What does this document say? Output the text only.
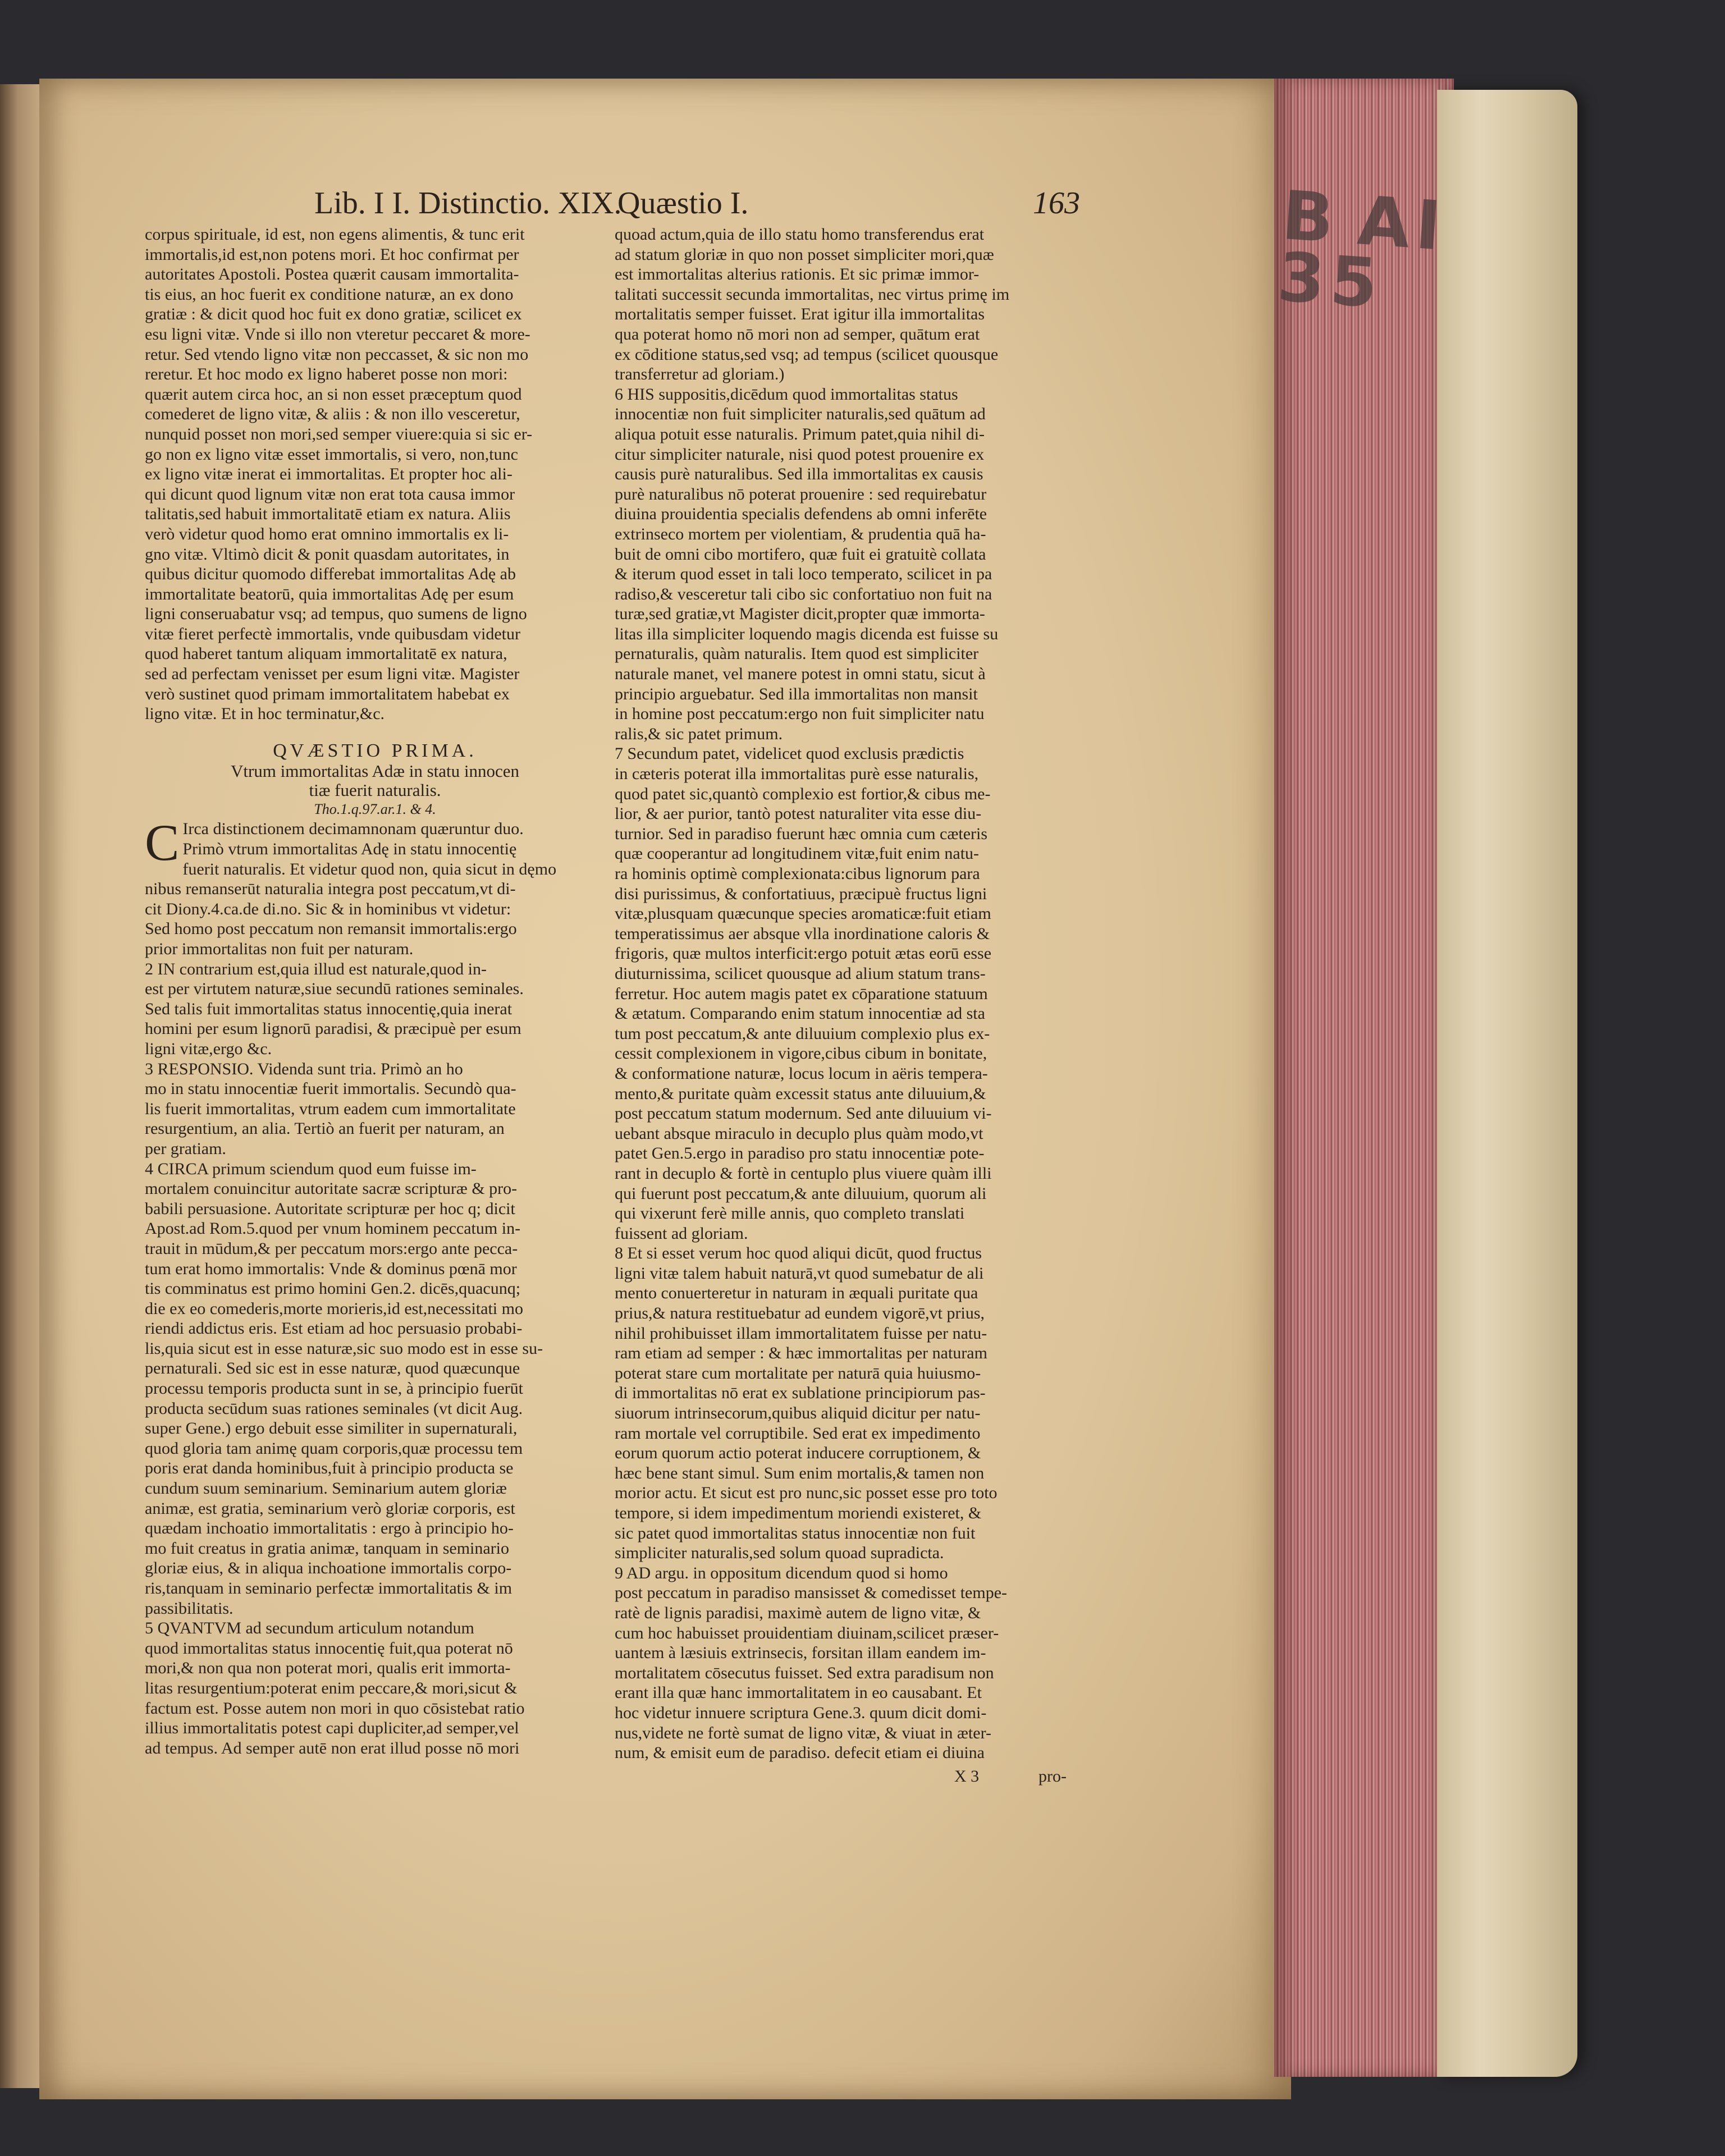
B AI 35
Lib. I I. Distinctio. XIX.
Quæstio I.	163
corpus spirituale, id est, non egens alimentis, & tunc erit
immortalis,id est,non potens mori. Et hoc confirmat per
autoritates Apostoli. Postea quærit causam immortalita-
tis eius, an hoc fuerit ex conditione naturæ, an ex dono
gratiæ : & dicit quod hoc fuit ex dono gratiæ, scilicet ex
esu ligni vitæ. Vnde si illo non vteretur peccaret & more-
retur. Sed vtendo ligno vitæ non peccasset, & sic non mo
reretur. Et hoc modo ex ligno haberet posse non mori:
quærit autem circa hoc, an si non esset præceptum quod
comederet de ligno vitæ, & aliis : & non illo vesceretur,
nunquid posset non mori,sed semper viuere:quia si sic er-
go non ex ligno vitæ esset immortalis, si vero, non,tunc
ex ligno vitæ inerat ei immortalitas. Et propter hoc ali-
qui dicunt quod lignum vitæ non erat tota causa immor
talitatis,sed habuit immortalitatē etiam ex natura. Aliis
verò videtur quod homo erat omnino immortalis ex li-
gno vitæ. Vltimò dicit & ponit quasdam autoritates, in
quibus dicitur quomodo differebat immortalitas Adę ab
immortalitate beatorū, quia immortalitas Adę per esum
ligni conseruabatur vsq; ad tempus, quo sumens de ligno
vitæ fieret perfectè immortalis, vnde quibusdam videtur
quod haberet tantum aliquam immortalitatē ex natura,
sed ad perfectam venisset per esum ligni vitæ. Magister
verò sustinet quod primam immortalitatem habebat ex
ligno vitæ. Et in hoc terminatur,&c.
QVÆSTIO PRIMA.
Vtrum immortalitas Adæ in statu innocen
tiæ fuerit naturalis.
Tho.1.q.97.ar.1. & 4.
C Irca distinctionem decimamnonam quæruntur duo.
Primò vtrum immortalitas Adę in statu innocentię
fuerit naturalis. Et videtur quod non, quia sicut in dęmo
nibus remanserūt naturalia integra post peccatum,vt di-
cit Diony.4.ca.de di.no. Sic & in hominibus vt videtur:
Sed homo post peccatum non remansit immortalis:ergo
prior immortalitas non fuit per naturam.
2 IN contrarium est,quia illud est naturale,quod in-
est per virtutem naturæ,siue secundū rationes seminales.
Sed talis fuit immortalitas status innocentię,quia inerat
homini per esum lignorū paradisi, & præcipuè per esum
ligni vitæ,ergo &c.
3 RESPONSIO. Videnda sunt tria. Primò an ho
mo in statu innocentiæ fuerit immortalis. Secundò qua-
lis fuerit immortalitas, vtrum eadem cum immortalitate
resurgentium, an alia. Tertiò an fuerit per naturam, an
per gratiam.
4 CIRCA primum sciendum quod eum fuisse im-
mortalem conuincitur autoritate sacræ scripturæ & pro-
babili persuasione. Autoritate scripturæ per hoc q; dicit
Apost.ad Rom.5.quod per vnum hominem peccatum in-
trauit in mūdum,& per peccatum mors:ergo ante pecca-
tum erat homo immortalis: Vnde & dominus pœnā mor
tis comminatus est primo homini Gen.2. dicēs,quacunq;
die ex eo comederis,morte morieris,id est,necessitati mo
riendi addictus eris. Est etiam ad hoc persuasio probabi-
lis,quia sicut est in esse naturæ,sic suo modo est in esse su-
pernaturali. Sed sic est in esse naturæ, quod quæcunque
processu temporis producta sunt in se, à principio fuerūt
producta secūdum suas rationes seminales (vt dicit Aug.
super Gene.) ergo debuit esse similiter in supernaturali,
quod gloria tam animę quam corporis,quæ processu tem
poris erat danda hominibus,fuit à principio producta se
cundum suum seminarium. Seminarium autem gloriæ
animæ, est gratia, seminarium verò gloriæ corporis, est
quædam inchoatio immortalitatis : ergo à principio ho-
mo fuit creatus in gratia animæ, tanquam in seminario
gloriæ eius, & in aliqua inchoatione immortalis corpo-
ris,tanquam in seminario perfectæ immortalitatis & im
passibilitatis.
5 QVANTVM ad secundum articulum notandum
quod immortalitas status innocentię fuit,qua poterat nō
mori,& non qua non poterat mori, qualis erit immorta-
litas resurgentium:poterat enim peccare,& mori,sicut &
factum est. Posse autem non mori in quo cōsistebat ratio
illius immortalitatis potest capi dupliciter,ad semper,vel
ad tempus. Ad semper autē non erat illud posse nō mori
quoad actum,quia de illo statu homo transferendus erat
ad statum gloriæ in quo non posset simpliciter mori,quæ
est immortalitas alterius rationis. Et sic primæ immor-
talitati successit secunda immortalitas, nec virtus primę im
mortalitatis semper fuisset. Erat igitur illa immortalitas
qua poterat homo nō mori non ad semper, quātum erat
ex cōditione status,sed vsq; ad tempus (scilicet quousque
transferretur ad gloriam.)
6 HIS suppositis,dicēdum quod immortalitas status
innocentiæ non fuit simpliciter naturalis,sed quātum ad
aliqua potuit esse naturalis. Primum patet,quia nihil di-
citur simpliciter naturale, nisi quod potest prouenire ex
causis purè naturalibus. Sed illa immortalitas ex causis
purè naturalibus nō poterat prouenire : sed requirebatur
diuina prouidentia specialis defendens ab omni inferēte
extrinseco mortem per violentiam, & prudentia quā ha-
buit de omni cibo mortifero, quæ fuit ei gratuitè collata
& iterum quod esset in tali loco temperato, scilicet in pa
radiso,& vesceretur tali cibo sic confortatiuo non fuit na
turæ,sed gratiæ,vt Magister dicit,propter quæ immorta-
litas illa simpliciter loquendo magis dicenda est fuisse su
pernaturalis, quàm naturalis. Item quod est simpliciter
naturale manet, vel manere potest in omni statu, sicut à
principio arguebatur. Sed illa immortalitas non mansit
in homine post peccatum:ergo non fuit simpliciter natu
ralis,& sic patet primum.
7 Secundum patet, videlicet quod exclusis prædictis
in cæteris poterat illa immortalitas purè esse naturalis,
quod patet sic,quantò complexio est fortior,& cibus me-
lior, & aer purior, tantò potest naturaliter vita esse diu-
turnior. Sed in paradiso fuerunt hæc omnia cum cæteris
quæ cooperantur ad longitudinem vitæ,fuit enim natu-
ra hominis optimè complexionata:cibus lignorum para
disi purissimus, & confortatiuus, præcipuè fructus ligni
vitæ,plusquam quæcunque species aromaticæ:fuit etiam
temperatissimus aer absque vlla inordinatione caloris &
frigoris, quæ multos interficit:ergo potuit ætas eorū esse
diuturnissima, scilicet quousque ad alium statum trans-
ferretur. Hoc autem magis patet ex cōparatione statuum
& ætatum. Comparando enim statum innocentiæ ad sta
tum post peccatum,& ante diluuium complexio plus ex-
cessit complexionem in vigore,cibus cibum in bonitate,
& conformatione naturæ, locus locum in aëris tempera-
mento,& puritate quàm excessit status ante diluuium,&
post peccatum statum modernum. Sed ante diluuium vi-
uebant absque miraculo in decuplo plus quàm modo,vt
patet Gen.5.ergo in paradiso pro statu innocentiæ pote-
rant in decuplo & fortè in centuplo plus viuere quàm illi
qui fuerunt post peccatum,& ante diluuium, quorum ali
qui vixerunt ferè mille annis, quo completo translati
fuissent ad gloriam.
8 Et si esset verum hoc quod aliqui dicūt, quod fructus
ligni vitæ talem habuit naturā,vt quod sumebatur de ali
mento conuerteretur in naturam in æquali puritate qua
prius,& natura restituebatur ad eundem vigorē,vt prius,
nihil prohibuisset illam immortalitatem fuisse per natu-
ram etiam ad semper : & hæc immortalitas per naturam
poterat stare cum mortalitate per naturā quia huiusmo-
di immortalitas nō erat ex sublatione principiorum pas-
siuorum intrinsecorum,quibus aliquid dicitur per natu-
ram mortale vel corruptibile. Sed erat ex impedimento
eorum quorum actio poterat inducere corruptionem, &
hæc bene stant simul. Sum enim mortalis,& tamen non
morior actu. Et sicut est pro nunc,sic posset esse pro toto
tempore, si idem impedimentum moriendi existeret, &
sic patet quod immortalitas status innocentiæ non fuit
simpliciter naturalis,sed solum quoad supradicta.
9 AD argu. in oppositum dicendum quod si homo
post peccatum in paradiso mansisset & comedisset tempe-
ratè de lignis paradisi, maximè autem de ligno vitæ, &
cum hoc habuisset prouidentiam diuinam,scilicet præser-
uantem à læsiuis extrinsecis, forsitan illam eandem im-
mortalitatem cōsecutus fuisset. Sed extra paradisum non
erant illa quæ hanc immortalitatem in eo causabant. Et
hoc videtur innuere scriptura Gene.3. quum dicit domi-
nus,videte ne fortè sumat de ligno vitæ, & viuat in æter-
num, & emisit eum de paradiso. defecit etiam ei diuina
X 3	pro-
